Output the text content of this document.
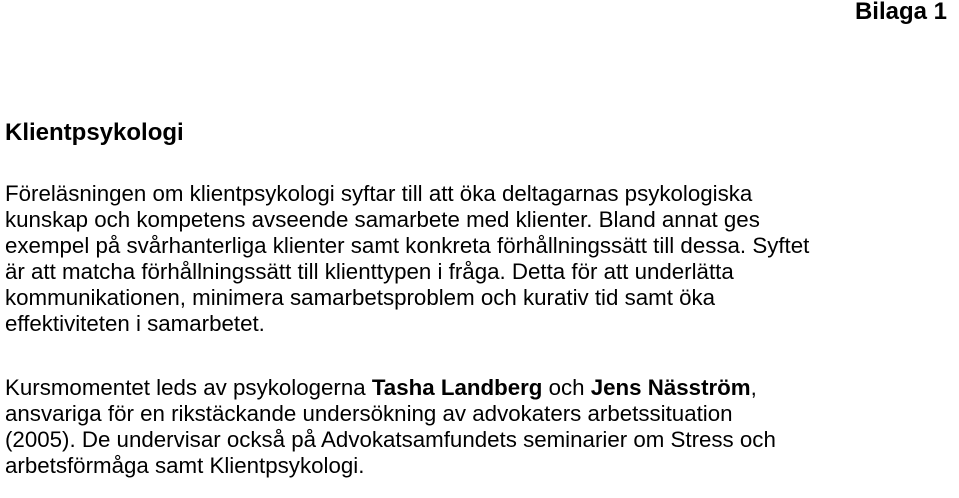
Bilaga 1
Klientpsykologi

Föreläsningen om klientpsykologi syftar till att öka deltagarnas psykologiska
kunskap och kompetens avseende samarbete med klienter. Bland annat ges
exempel på svårhanterliga klienter samt konkreta förhållningssätt till dessa. Syftet
är att matcha förhållningssätt till klienttypen i fråga. Detta för att underlätta
kommunikationen, minimera samarbetsproblem och kurativ tid samt öka
effektiviteten i samarbetet.

Kursmomentet leds av psykologerna Tasha Landberg och Jens Näsström,
ansvariga för en rikstäckande undersökning av advokaters arbetssituation
(2005). De undervisar också på Advokatsamfundets seminarier om Stress och
arbetsförmåga samt Klientpsykologi.
